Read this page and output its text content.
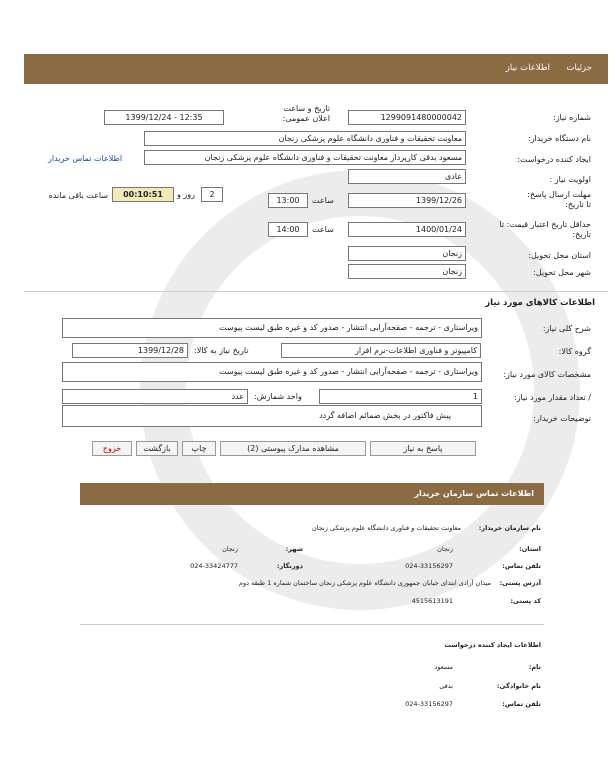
جزئیات
اطلاعات نیاز
شماره نیاز:
1299091480000042
تاریخ و ساعت اعلان عمومی:
1399/12/24 - 12:35
نام دستگاه خریدار:
معاونت تحقیقات و فناوری دانشگاه علوم پزشکی زنجان
ایجاد کننده درخواست:
مسعود بدقی کارپرداز معاونت تحقیقات و فناوری دانشگاه علوم پزشکی زنجان
اطلاعات تماس خریدار
اولویت نیاز :
عادی
مهلت ارسال پاسخ: تا تاریخ:
1399/12/26
ساعت
13:00
2
روز و
00:10:51
ساعت باقی مانده
حداقل تاریخ اعتبار قیمت: تا تاریخ:
1400/01/24
ساعت
14:00
استان محل تحویل:
زنجان
شهر محل تحویل:
زنجان
اطلاعات کالاهای مورد نیاز
شرح کلی نیاز:
ویراستاری - ترجمه - صفحه‌آرایی انتشار - صدور کد و غیره طبق لیست پیوست
گروه کالا:
کامپیوتر و فناوری اطلاعات-نرم افزار
تاریخ نیاز به کالا:
1399/12/28
مشخصات کالای مورد نیاز:
ویراستاری - ترجمه - صفحه‌آرایی انتشار - صدور کد و غیره طبق لیست پیوست
/ تعداد مقدار مورد نیاز:
1
واحد شمارش:
عدد
توضیحات خریدار:
پیش فاکتور در بخش ضمائم اضافه گردد
پاسخ به نیاز
مشاهده مدارک پیوستی (2)
چاپ
بازگشت
خروج
اطلاعات تماس سازمان خریدار
نام سازمان خریدار:
معاونت تحقیقات و فناوری دانشگاه علوم پزشکی زنجان
استان:
زنجان
شهر:
زنجان
تلفن تماس:
024-33156297
دورنگار:
024-33424777
آدرس پستی:
میدان آزادی ابتدای خیابان جمهوری دانشگاه علوم پزشکی زنجان ساختمان شماره 1 طبقه دوم
کد پستی:
4515613191
اطلاعات ایجاد کننده درخواست
نام:
مسعود
نام خانوادگی:
بدقی
تلفن تماس:
024-33156297
